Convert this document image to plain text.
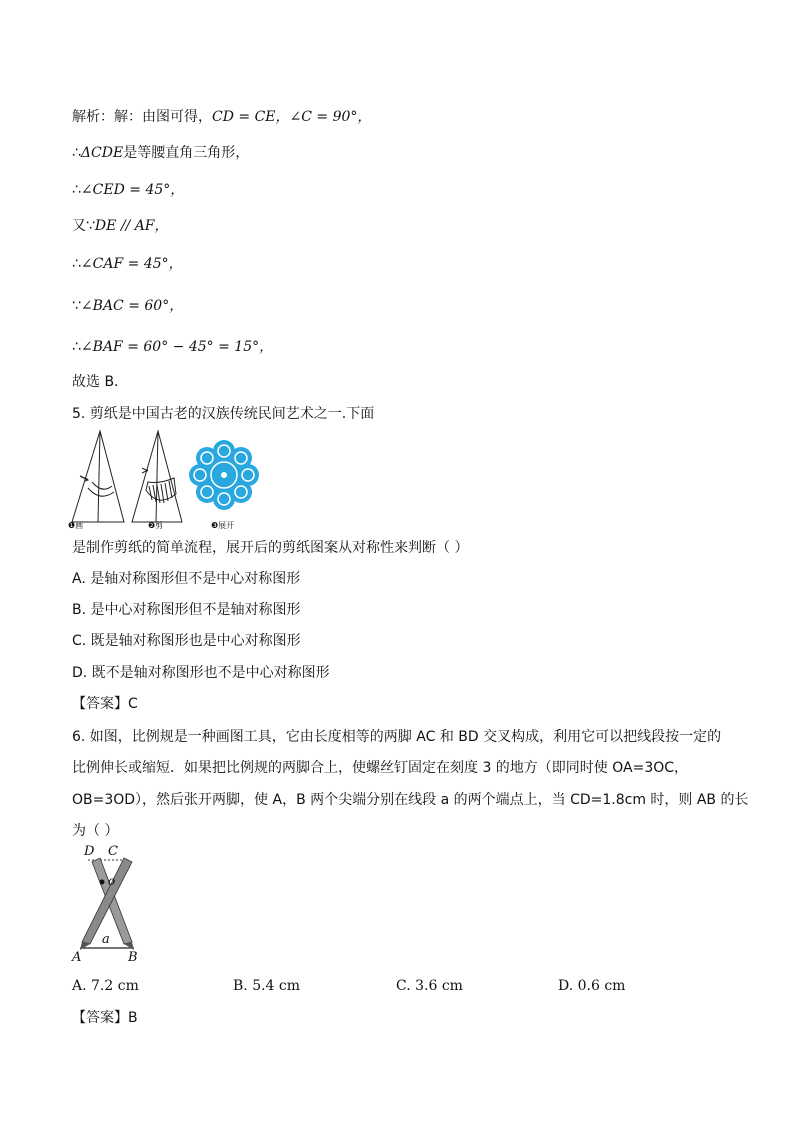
解析：解：由图可得，CD = CE，∠C = 90°，
∴ΔCDE是等腰直角三角形，
∴∠CED = 45°，
又∵DE // AF，
∴∠CAF = 45°，
∵∠BAC = 60°，
∴∠BAF = 60° − 45° = 15°，
故选 B．
5. 剪纸是中国古老的汉族传统民间艺术之一.下面
❶画	❷剪	❸展开
是制作剪纸的简单流程，展开后的剪纸图案从对称性来判断（ ）
A. 是轴对称图形但不是中心对称图形
B. 是中心对称图形但不是轴对称图形
C. 既是轴对称图形也是中心对称图形
D. 既不是轴对称图形也不是中心对称图形
【答案】C
6. 如图，比例规是一种画图工具，它由长度相等的两脚 AC 和 BD 交叉构成，利用它可以把线段按一定的
比例伸长或缩短．如果把比例规的两脚合上，使螺丝钉固定在刻度 3 的地方（即同时使 OA=3OC，
OB=3OD），然后张开两脚，使 A，B 两个尖端分别在线段 a 的两个端点上，当 CD=1.8cm 时，则 AB 的长
为（ ）
D C
o
a
A	B
A. 7.2 cm	B. 5.4 cm	C. 3.6 cm	D. 0.6 cm
【答案】B
